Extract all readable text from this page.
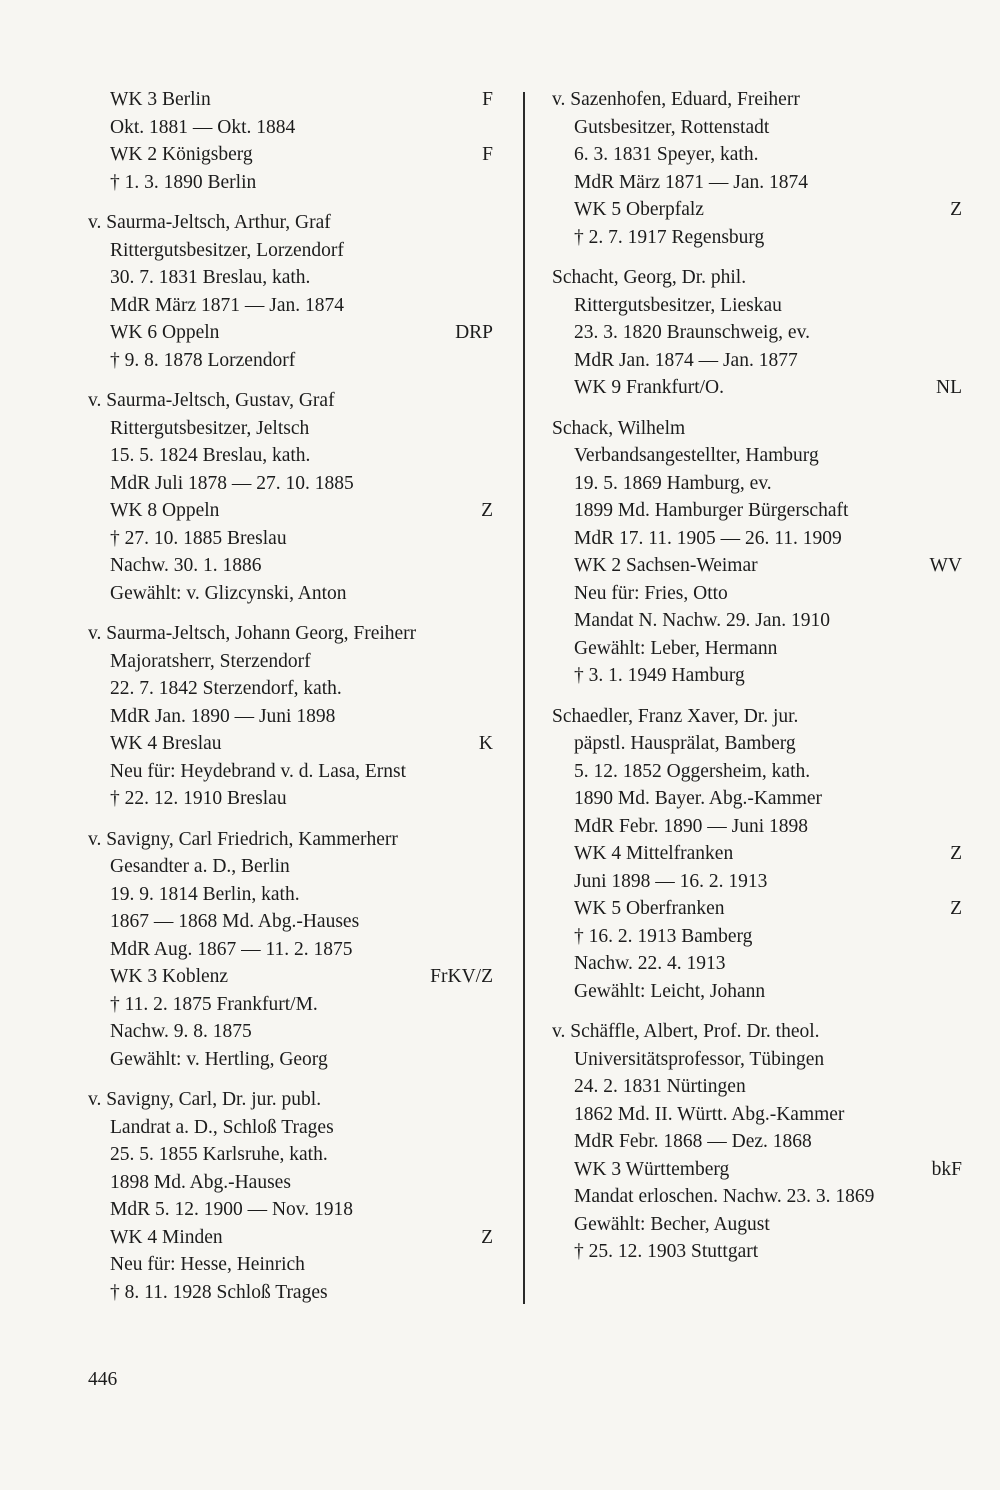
WK 3 Berlin	F
Okt. 1881 — Okt. 1884
WK 2 Königsberg	F
† 1. 3. 1890 Berlin
v. Saurma-Jeltsch, Arthur, Graf
Rittergutsbesitzer, Lorzendorf
30. 7. 1831 Breslau, kath.
MdR März 1871 — Jan. 1874
WK 6 Oppeln	DRP
† 9. 8. 1878 Lorzendorf
v. Saurma-Jeltsch, Gustav, Graf
Rittergutsbesitzer, Jeltsch
15. 5. 1824 Breslau, kath.
MdR Juli 1878 — 27. 10. 1885
WK 8 Oppeln	Z
† 27. 10. 1885 Breslau
Nachw. 30. 1. 1886
Gewählt: v. Glizcynski, Anton
v. Saurma-Jeltsch, Johann Georg, Freiherr
Majoratsherr, Sterzendorf
22. 7. 1842 Sterzendorf, kath.
MdR Jan. 1890 — Juni 1898
WK 4 Breslau	K
Neu für: Heydebrand v. d. Lasa, Ernst
† 22. 12. 1910 Breslau
v. Savigny, Carl Friedrich, Kammerherr
Gesandter a. D., Berlin
19. 9. 1814 Berlin, kath.
1867 — 1868 Md. Abg.-Hauses
MdR Aug. 1867 — 11. 2. 1875
WK 3 Koblenz	FrKV/Z
† 11. 2. 1875 Frankfurt/M.
Nachw. 9. 8. 1875
Gewählt: v. Hertling, Georg
v. Savigny, Carl, Dr. jur. publ.
Landrat a. D., Schloß Trages
25. 5. 1855 Karlsruhe, kath.
1898 Md. Abg.-Hauses
MdR 5. 12. 1900 — Nov. 1918
WK 4 Minden	Z
Neu für: Hesse, Heinrich
† 8. 11. 1928 Schloß Trages
v. Sazenhofen, Eduard, Freiherr
Gutsbesitzer, Rottenstadt
6. 3. 1831 Speyer, kath.
MdR März 1871 — Jan. 1874
WK 5 Oberpfalz	Z
† 2. 7. 1917 Regensburg
Schacht, Georg, Dr. phil.
Rittergutsbesitzer, Lieskau
23. 3. 1820 Braunschweig, ev.
MdR Jan. 1874 — Jan. 1877
WK 9 Frankfurt/O.	NL
Schack, Wilhelm
Verbandsangestellter, Hamburg
19. 5. 1869 Hamburg, ev.
1899 Md. Hamburger Bürgerschaft
MdR 17. 11. 1905 — 26. 11. 1909
WK 2 Sachsen-Weimar	WV
Neu für: Fries, Otto
Mandat N. Nachw. 29. Jan. 1910
Gewählt: Leber, Hermann
† 3. 1. 1949 Hamburg
Schaedler, Franz Xaver, Dr. jur.
päpstl. Hausprälat, Bamberg
5. 12. 1852 Oggersheim, kath.
1890 Md. Bayer. Abg.-Kammer
MdR Febr. 1890 — Juni 1898
WK 4 Mittelfranken	Z
Juni 1898 — 16. 2. 1913
WK 5 Oberfranken	Z
† 16. 2. 1913 Bamberg
Nachw. 22. 4. 1913
Gewählt: Leicht, Johann
v. Schäffle, Albert, Prof. Dr. theol.
Universitätsprofessor, Tübingen
24. 2. 1831 Nürtingen
1862 Md. II. Württ. Abg.-Kammer
MdR Febr. 1868 — Dez. 1868
WK 3 Württemberg	bkF
Mandat erloschen. Nachw. 23. 3. 1869
Gewählt: Becher, August
† 25. 12. 1903 Stuttgart
446
